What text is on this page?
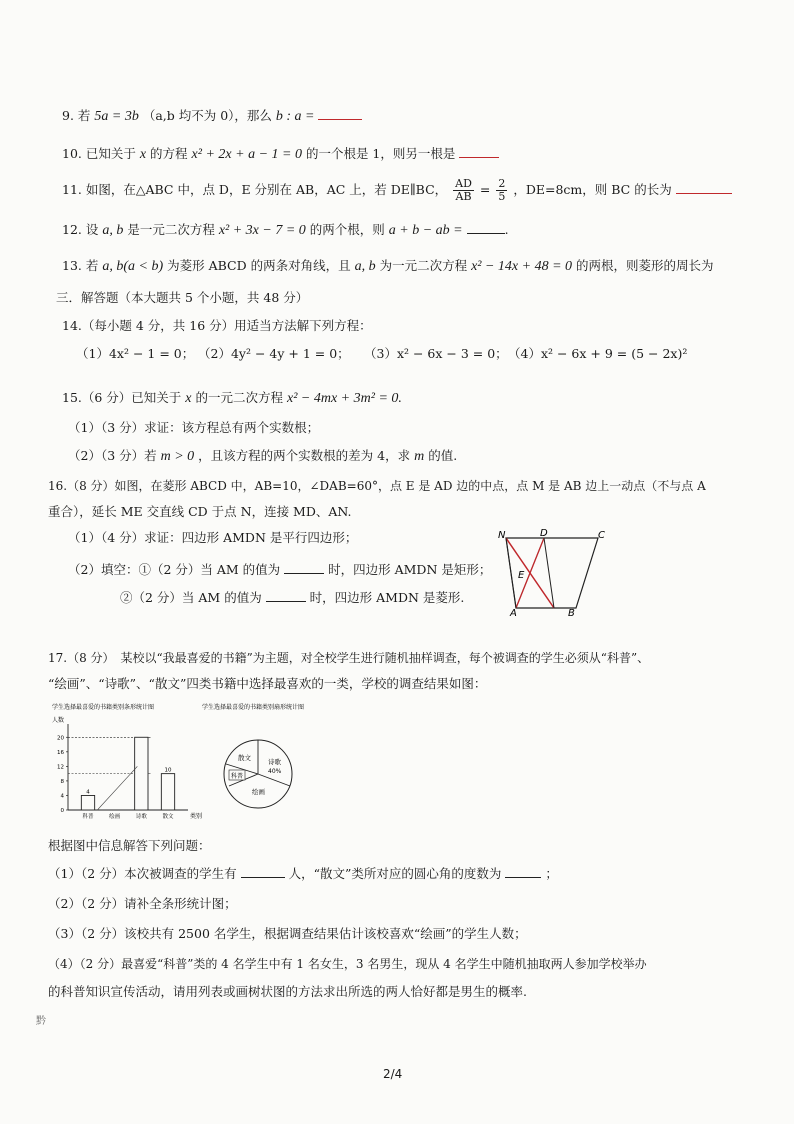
9. 若 5a = 3b （a,b 均不为 0），那么 b : a =
10. 已知关于 x 的方程 x² + 2x + a − 1 = 0 的一个根是 1，则另一根是
11. 如图，在△ABC 中，点 D，E 分别在 AB，AC 上，若 DE∥BC， $\frac{AD}{AB} = \frac{2}{5}$ ，DE=8cm，则 BC 的长为
12. 设 a, b 是一元二次方程 x² + 3x − 7 = 0 的两个根，则 a + b − ab =	.
13. 若 a, b(a < b) 为菱形 ABCD 的两条对角线，且 a, b 为一元二次方程 x² − 14x + 48 = 0 的两根，则菱形的周长为
三．解答题（本大题共 5 个小题，共 48 分）
14.（每小题 4 分，共 16 分）用适当方法解下列方程：
（1）4x² − 1 = 0； （2）4y² − 4y + 1 = 0； （3）x² − 6x − 3 = 0； （4）x² − 6x + 9 = (5 − 2x)²
15.（6 分）已知关于 x 的一元二次方程 x² − 4mx + 3m² = 0.
（1）（3 分）求证：该方程总有两个实数根；
（2）（3 分）若 m > 0 ，且该方程的两个实数根的差为 4，求 m 的值.
16.（8 分）如图，在菱形 ABCD 中，AB=10，∠DAB=60°，点 E 是 AD 边的中点，点 M 是 AB 边上一动点（不与点 A
重合），延长 ME 交直线 CD 于点 N，连接 MD、AN.
（1）（4 分）求证：四边形 AMDN 是平行四边形；
（2）填空：①（2 分）当 AM 的值为	时，四边形 AMDN 是矩形；
②（2 分）当 AM 的值为	时，四边形 AMDN 是菱形.
N	D	C
E
A	B
17.（8 分）　某校以“我最喜爱的书籍”为主题，对全校学生进行随机抽样调查，每个被调查的学生必须从“科普”、
“绘画”、“诗歌”、“散文”四类书籍中选择最喜欢的一类，学校的调查结果如图：
学生选择最喜爱的书籍类别条形统计图
人数
0
4
8
12
16
20
4
10
科普	绘画	诗歌	散文	类别
学生选择最喜爱的书籍类别扇形统计图
散文	诗歌
40%
科普
绘画
根据图中信息解答下列问题：
（1）（2 分）本次被调查的学生有	人，“散文”类所对应的圆心角的度数为	；
（2）（2 分）请补全条形统计图；
（3）（2 分）该校共有 2500 名学生，根据调查结果估计该校喜欢“绘画”的学生人数；
（4）（2 分）最喜爱“科普”类的 4 名学生中有 1 名女生，3 名男生，现从 4 名学生中随机抽取两人参加学校举办
的科普知识宣传活动，请用列表或画树状图的方法求出所选的两人恰好都是男生的概率.
黔
2/4
